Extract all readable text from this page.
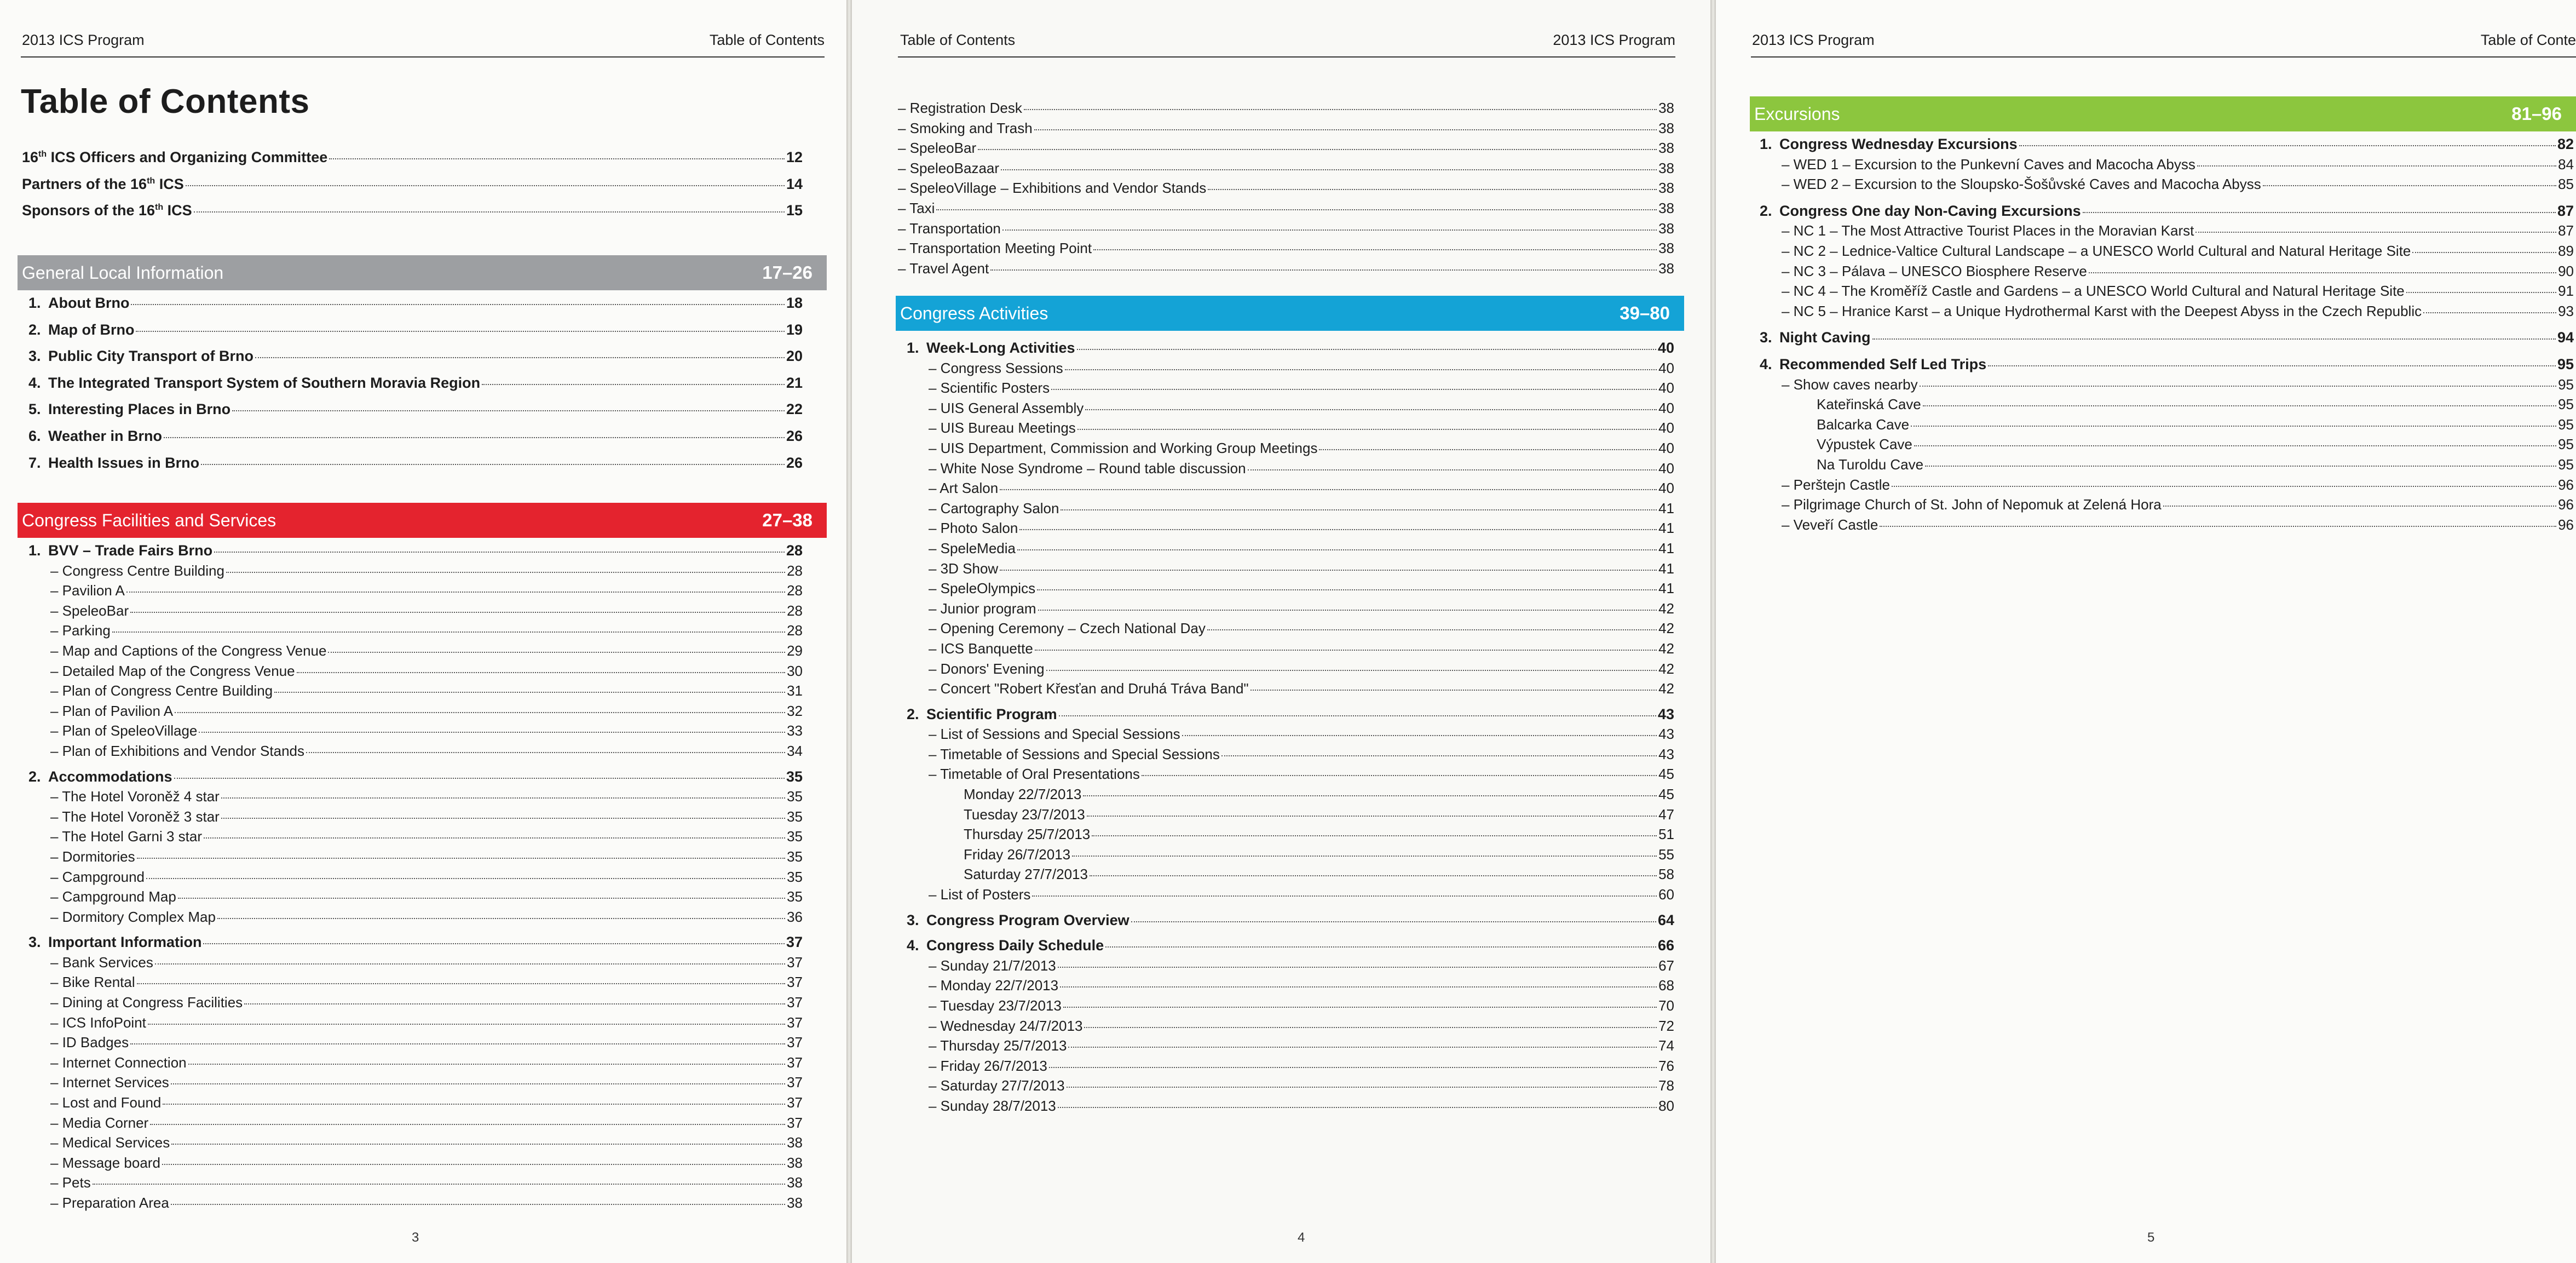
2013 ICS Program	Table of Contents
Table of Contents
16th ICS Officers and Organizing Committee	12
Partners of the 16th ICS	14
Sponsors of the 16th ICS	15
General Local Information	17–26
1. About Brno	18
2. Map of Brno	19
3. Public City Transport of Brno	20
4. The Integrated Transport System of Southern Moravia Region	21
5. Interesting Places in Brno	22
6. Weather in Brno	26
7. Health Issues in Brno	26
Congress Facilities and Services	27–38
1. BVV – Trade Fairs Brno	28
– Congress Centre Building	28
– Pavilion A	28
– SpeleoBar	28
– Parking	28
– Map and Captions of the Congress Venue	29
– Detailed Map of the Congress Venue	30
– Plan of Congress Centre Building	31
– Plan of Pavilion A	32
– Plan of SpeleoVillage	33
– Plan of Exhibitions and Vendor Stands	34
2. Accommodations	35
– The Hotel Voroněž 4 star	35
– The Hotel Voroněž 3 star	35
– The Hotel Garni 3 star	35
– Dormitories	35
– Campground	35
– Campground Map	35
– Dormitory Complex Map	36
3. Important Information	37
– Bank Services	37
– Bike Rental	37
– Dining at Congress Facilities	37
– ICS InfoPoint	37
– ID Badges	37
– Internet Connection	37
– Internet Services	37
– Lost and Found	37
– Media Corner	37
– Medical Services	38
– Message board	38
– Pets	38
– Preparation Area	38
3
Table of Contents	2013 ICS Program
– Registration Desk	38
– Smoking and Trash	38
– SpeleoBar	38
– SpeleoBazaar	38
– SpeleoVillage – Exhibitions and Vendor Stands	38
– Taxi	38
– Transportation	38
– Transportation Meeting Point	38
– Travel Agent	38
Congress Activities	39–80
1. Week-Long Activities	40
– Congress Sessions	40
– Scientific Posters	40
– UIS General Assembly	40
– UIS Bureau Meetings	40
– UIS Department, Commission and Working Group Meetings	40
– White Nose Syndrome – Round table discussion	40
– Art Salon	40
– Cartography Salon	41
– Photo Salon	41
– SpeleMedia	41
– 3D Show	41
– SpeleOlympics	41
– Junior program	42
– Opening Ceremony – Czech National Day	42
– ICS Banquette	42
– Donors' Evening	42
– Concert "Robert Křesťan and Druhá Tráva Band"	42
2. Scientific Program	43
– List of Sessions and Special Sessions	43
– Timetable of Sessions and Special Sessions	43
– Timetable of Oral Presentations	45
Monday 22/7/2013	45
Tuesday 23/7/2013	47
Thursday 25/7/2013	51
Friday 26/7/2013	55
Saturday 27/7/2013	58
– List of Posters	60
3. Congress Program Overview	64
4. Congress Daily Schedule	66
– Sunday 21/7/2013	67
– Monday 22/7/2013	68
– Tuesday 23/7/2013	70
– Wednesday 24/7/2013	72
– Thursday 25/7/2013	74
– Friday 26/7/2013	76
– Saturday 27/7/2013	78
– Sunday 28/7/2013	80
4
2013 ICS Program	Table of Conte
Excursions	81–96
1. Congress Wednesday Excursions	82
– WED 1 – Excursion to the Punkevní Caves and Macocha Abyss	84
– WED 2 – Excursion to the Sloupsko-Šošůvské Caves and Macocha Abyss	85
2. Congress One day Non-Caving Excursions	87
– NC 1 – The Most Attractive Tourist Places in the Moravian Karst	87
– NC 2 – Lednice-Valtice Cultural Landscape – a UNESCO World Cultural and Natural Heritage Site	89
– NC 3 – Pálava – UNESCO Biosphere Reserve	90
– NC 4 – The Kroměříž Castle and Gardens – a UNESCO World Cultural and Natural Heritage Site	91
– NC 5 – Hranice Karst – a Unique Hydrothermal Karst with the Deepest Abyss in the Czech Republic	93
3. Night Caving	94
4. Recommended Self Led Trips	95
– Show caves nearby	95
Kateřinská Cave	95
Balcarka Cave	95
Výpustek Cave	95
Na Turoldu Cave	95
– Perštejn Castle	96
– Pilgrimage Church of St. John of Nepomuk at Zelená Hora	96
– Veveří Castle	96
5
